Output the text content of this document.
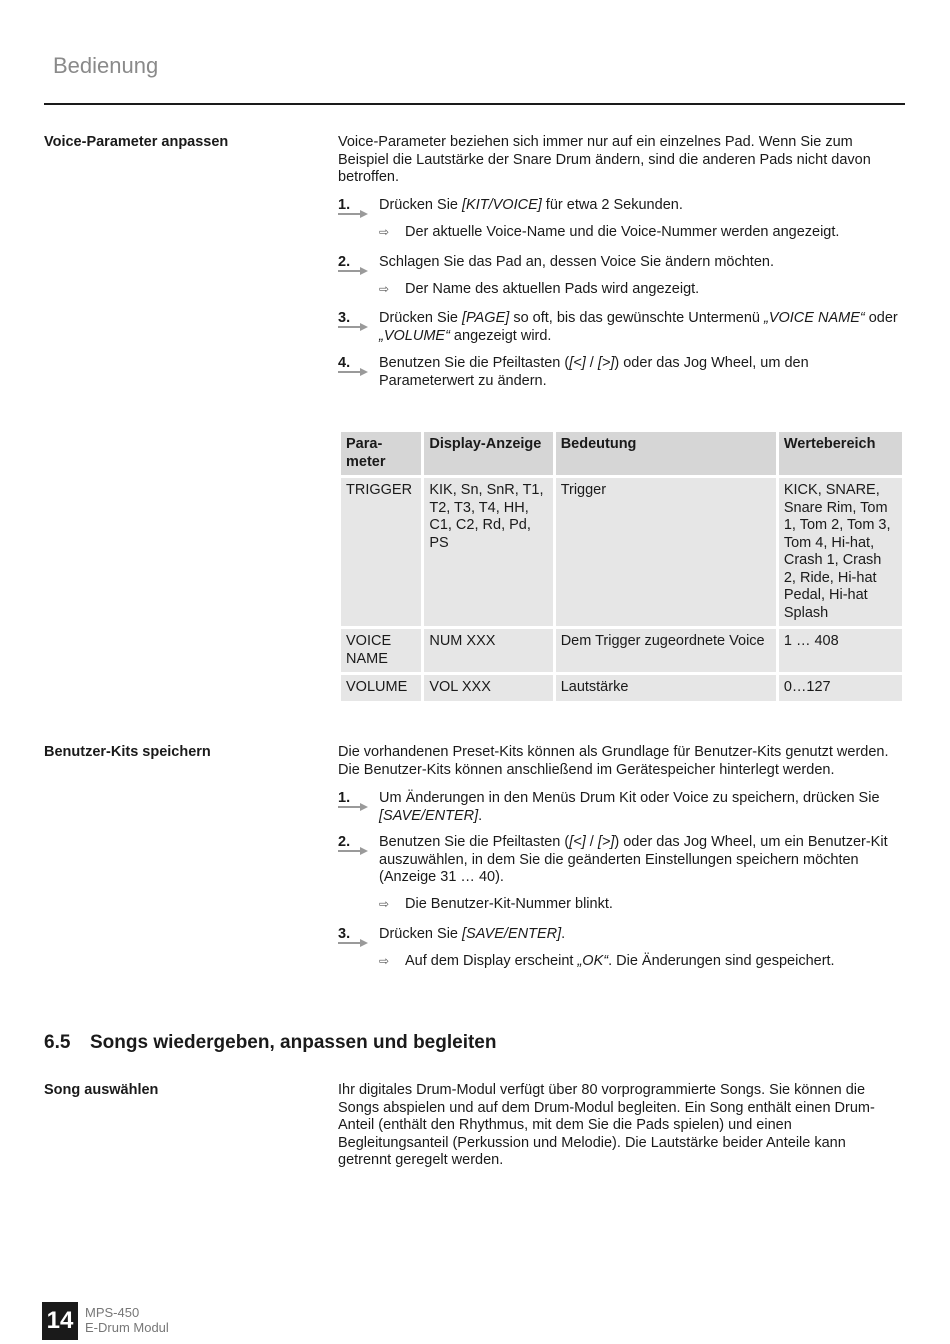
Bedienung
Voice-Parameter anpassen	Voice-Parameter beziehen sich immer nur auf ein einzelnes Pad. Wenn Sie zum Beispiel die Lautstärke der Snare Drum ändern, sind die anderen Pads nicht davon betroffen.
1.	Drücken Sie [KIT/VOICE] für etwa 2 Sekunden.
⇨ Der aktuelle Voice-Name und die Voice-Nummer werden angezeigt.
2.	Schlagen Sie das Pad an, dessen Voice Sie ändern möchten.
⇨ Der Name des aktuellen Pads wird angezeigt.
3.	Drücken Sie [PAGE] so oft, bis das gewünschte Untermenü „VOICE NAME“ oder „VOLUME“ angezeigt wird.
4.	Benutzen Sie die Pfeiltasten ([<] / [>]) oder das Jog Wheel, um den Parameterwert zu ändern.
Para-meter	Display-Anzeige	Bedeutung	Wertebereich
TRIGGER	KIK, Sn, SnR, T1, T2, T3, T4, HH, C1, C2, Rd, Pd, PS	Trigger	KICK, SNARE, Snare Rim, Tom 1, Tom 2, Tom 3, Tom 4, Hi-hat, Crash 1, Crash 2, Ride, Hi-hat Pedal, Hi-hat Splash
VOICE NAME	NUM XXX	Dem Trigger zugeordnete Voice	1 … 408
VOLUME	VOL XXX	Lautstärke	0…127
Benutzer-Kits speichern	Die vorhandenen Preset-Kits können als Grundlage für Benutzer-Kits genutzt werden. Die Benutzer-Kits können anschließend im Gerätespeicher hinterlegt werden.
1.	Um Änderungen in den Menüs Drum Kit oder Voice zu speichern, drücken Sie [SAVE/ENTER].
2.	Benutzen Sie die Pfeiltasten ([<] / [>]) oder das Jog Wheel, um ein Benutzer-Kit auszuwählen, in dem Sie die geänderten Einstellungen speichern möchten (Anzeige 31 … 40).
⇨ Die Benutzer-Kit-Nummer blinkt.
3.	Drücken Sie [SAVE/ENTER].
⇨ Auf dem Display erscheint „OK“. Die Änderungen sind gespeichert.
6.5 Songs wiedergeben, anpassen und begleiten
Song auswählen	Ihr digitales Drum-Modul verfügt über 80 vorprogrammierte Songs. Sie können die Songs abspielen und auf dem Drum-Modul begleiten. Ein Song enthält einen Drum-Anteil (enthält den Rhythmus, mit dem Sie die Pads spielen) und einen Begleitungsanteil (Perkussion und Melodie). Die Lautstärke beider Anteile kann getrennt geregelt werden.
14 MPS-450
E-Drum Modul
